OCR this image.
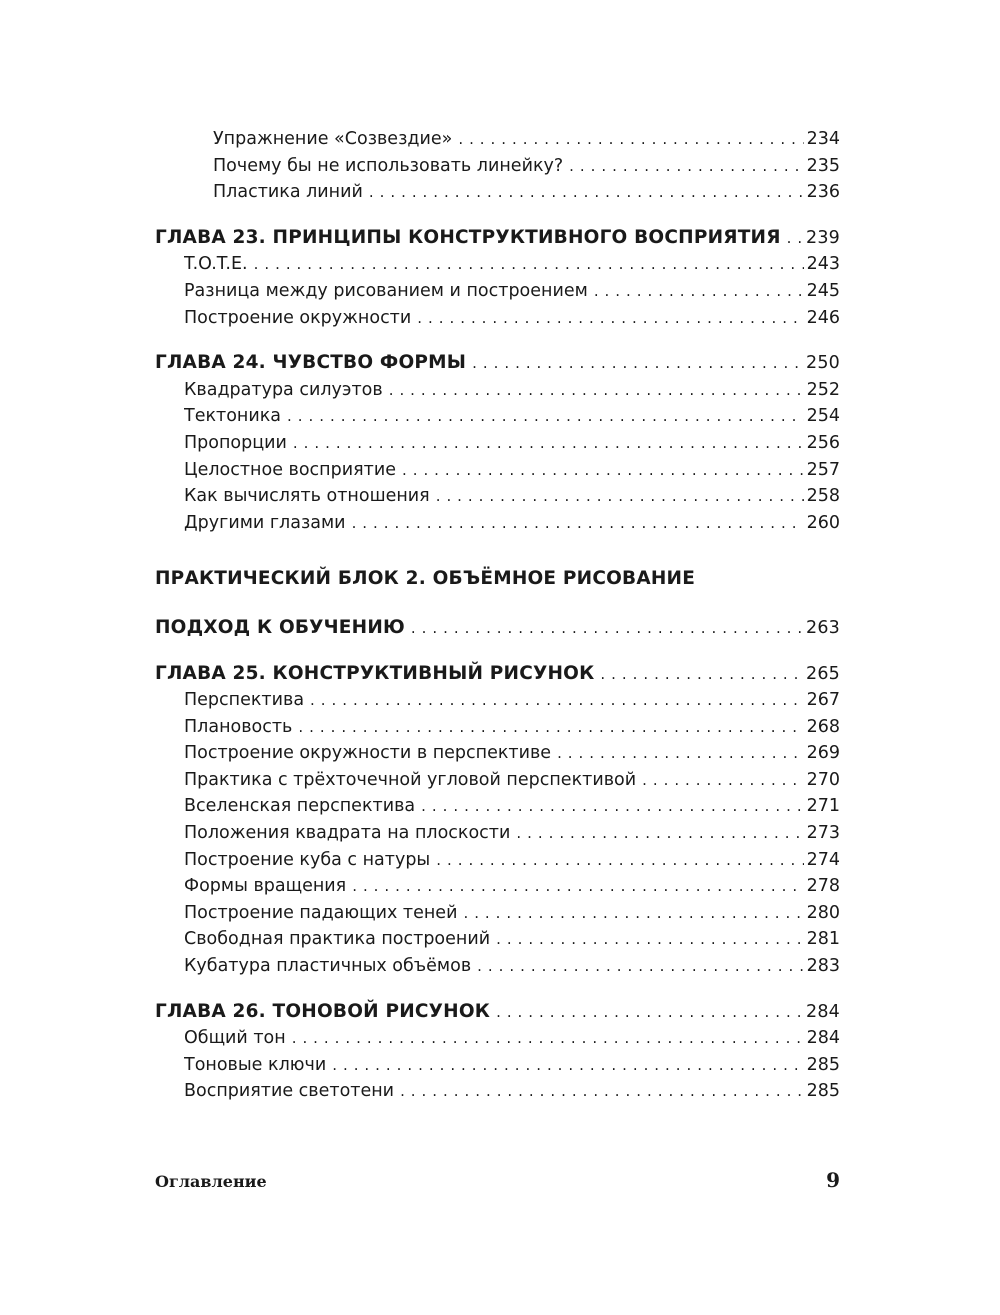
Упражнение «Созвездие» . . .	234
Почему бы не использовать линейку? . . .	235
Пластика линий . . .	236
ГЛАВА 23. ПРИНЦИПЫ КОНСТРУКТИВНОГО ВОСПРИЯТИЯ . . . 239
T.O.T.E. . . .	243
Разница между рисованием и построением . . .	245
Построение окружности . . .	246
ГЛАВА 24. ЧУВСТВО ФОРМЫ . . .	250
Квадратура силуэтов . . .	252
Тектоника . . .	254
Пропорции . . .	256
Целостное восприятие . . .	257
Как вычислять отношения . . .	258
Другими глазами . . .	260
ПРАКТИЧЕСКИЙ БЛОК 2. ОБЪЁМНОЕ РИСОВАНИЕ
ПОДХОД К ОБУЧЕНИЮ . . .	263
ГЛАВА 25. КОНСТРУКТИВНЫЙ РИСУНОК . . .	265
Перспектива . . .	267
Плановость . . .	268
Построение окружности в перспективе . . .	269
Практика с трёхточечной угловой перспективой . . .	270
Вселенская перспектива . . .	271
Положения квадрата на плоскости . . .	273
Построение куба с натуры . . .	274
Формы вращения . . .	278
Построение падающих теней . . .	280
Свободная практика построений . . .	281
Кубатура пластичных объёмов . . .	283
ГЛАВА 26. ТОНОВОЙ РИСУНОК . . .	284
Общий тон . . .	284
Тоновые ключи . . .	285
Восприятие светотени . . .	285
Оглавление	9
